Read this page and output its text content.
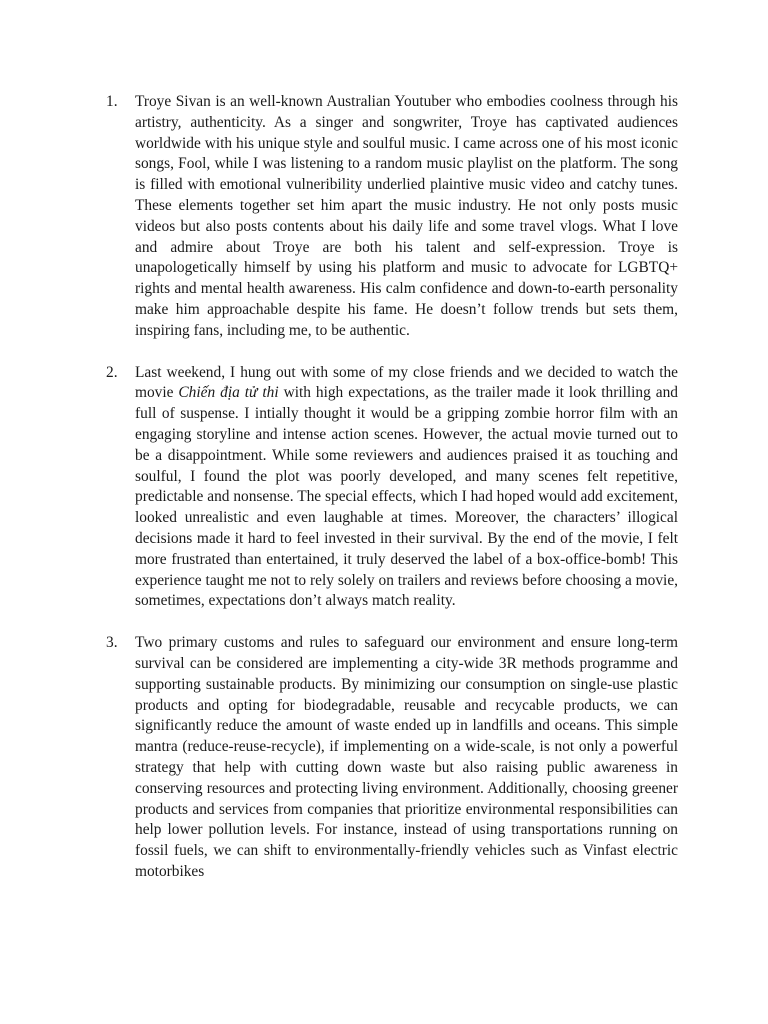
1. Troye Sivan is an well-known Australian Youtuber who embodies coolness through his artistry, authenticity. As a singer and songwriter, Troye has captivated audiences worldwide with his unique style and soulful music. I came across one of his most iconic songs, Fool, while I was listening to a random music playlist on the platform. The song is filled with emotional vulneribility underlied plaintive music video and catchy tunes. These elements together set him apart the music industry. He not only posts music videos but also posts contents about his daily life and some travel vlogs. What I love and admire about Troye are both his talent and self-expression. Troye is unapologetically himself by using his platform and music to advocate for LGBTQ+ rights and mental health awareness. His calm confidence and down-to-earth personality make him approachable despite his fame. He doesn’t follow trends but sets them, inspiring fans, including me, to be authentic.

2. Last weekend, I hung out with some of my close friends and we decided to watch the movie Chiến địa tử thi with high expectations, as the trailer made it look thrilling and full of suspense. I intially thought it would be a gripping zombie horror film with an engaging storyline and intense action scenes. However, the actual movie turned out to be a disappointment. While some reviewers and audiences praised it as touching and soulful, I found the plot was poorly developed, and many scenes felt repetitive, predictable and nonsense. The special effects, which I had hoped would add excitement, looked unrealistic and even laughable at times. Moreover, the characters’ illogical decisions made it hard to feel invested in their survival. By the end of the movie, I felt more frustrated than entertained, it truly deserved the label of a box-office-bomb! This experience taught me not to rely solely on trailers and reviews before choosing a movie, sometimes, expectations don’t always match reality.

3. Two primary customs and rules to safeguard our environment and ensure long-term survival can be considered are implementing a city-wide 3R methods programme and supporting sustainable products. By minimizing our consumption on single-use plastic products and opting for biodegradable, reusable and recycable products, we can significantly reduce the amount of waste ended up in landfills and oceans. This simple mantra (reduce-reuse-recycle), if implementing on a wide-scale, is not only a powerful strategy that help with cutting down waste but also raising public awareness in conserving resources and protecting living environment. Additionally, choosing greener products and services from companies that prioritize environmental responsibilities can help lower pollution levels. For instance, instead of using transportations running on fossil fuels, we can shift to environmentally-friendly vehicles such as Vinfast electric motorbikes
